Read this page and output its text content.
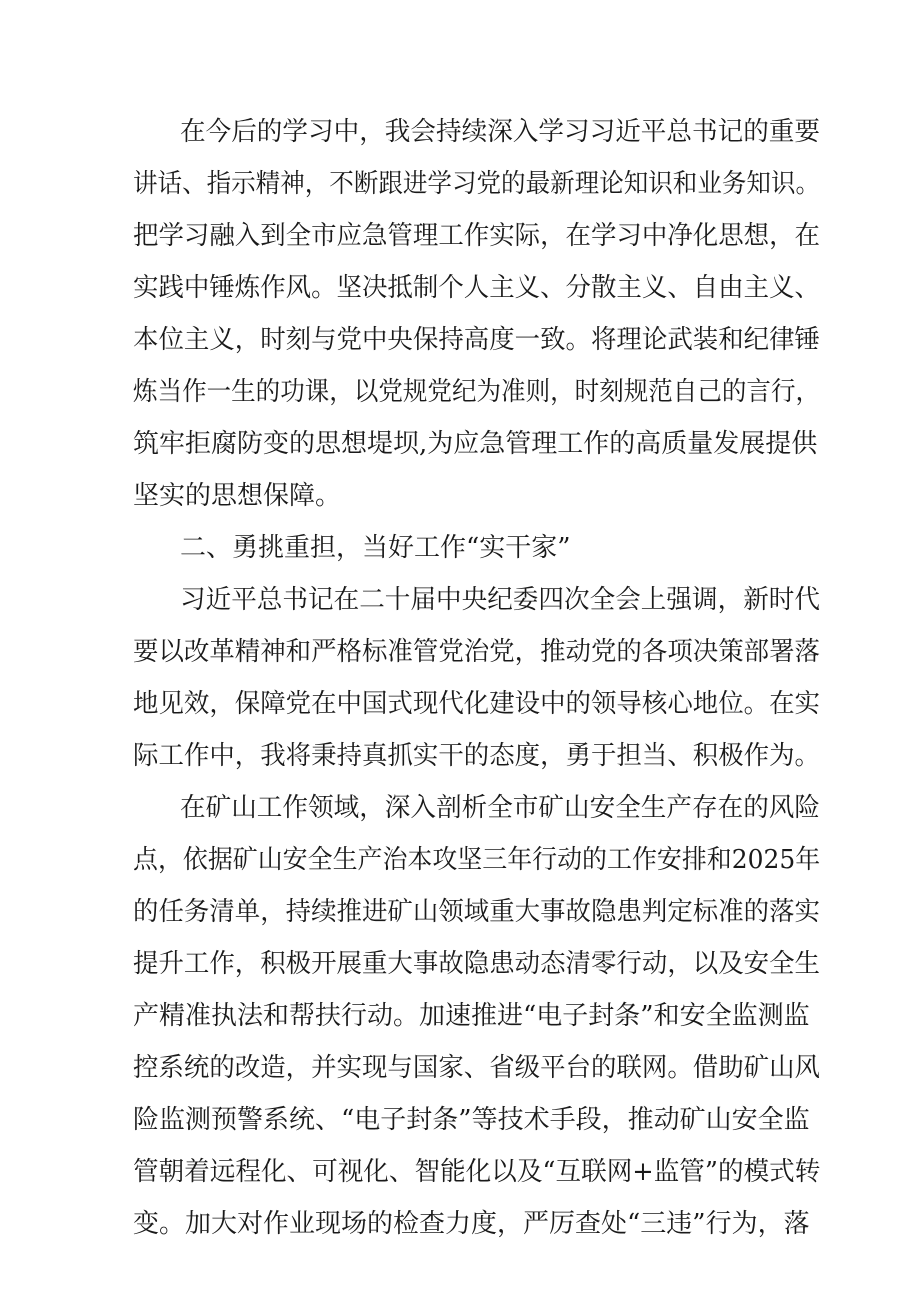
在今后的学习中，我会持续深入学习习近平总书记的重要
讲话、指示精神，不断跟进学习党的最新理论知识和业务知识。
把学习融入到全市应急管理工作实际，在学习中净化思想，在
实践中锤炼作风。坚决抵制个人主义、分散主义、自由主义、
本位主义，时刻与党中央保持高度一致。将理论武装和纪律锤
炼当作一生的功课，以党规党纪为准则，时刻规范自己的言行，
筑牢拒腐防变的思想堤坝,为应急管理工作的高质量发展提供
坚实的思想保障。
二、勇挑重担，当好工作“实干家”
习近平总书记在二十届中央纪委四次全会上强调，新时代
要以改革精神和严格标准管党治党，推动党的各项决策部署落
地见效，保障党在中国式现代化建设中的领导核心地位。在实
际工作中，我将秉持真抓实干的态度，勇于担当、积极作为。
在矿山工作领域，深入剖析全市矿山安全生产存在的风险
点，依据矿山安全生产治本攻坚三年行动的工作安排和2025年
的任务清单，持续推进矿山领域重大事故隐患判定标准的落实
提升工作，积极开展重大事故隐患动态清零行动，以及安全生
产精准执法和帮扶行动。加速推进“电子封条”和安全监测监
控系统的改造，并实现与国家、省级平台的联网。借助矿山风
险监测预警系统、“电子封条”等技术手段，推动矿山安全监
管朝着远程化、可视化、智能化以及“互联网+监管”的模式转
变。加大对作业现场的检查力度，严厉查处“三违”行为，落
